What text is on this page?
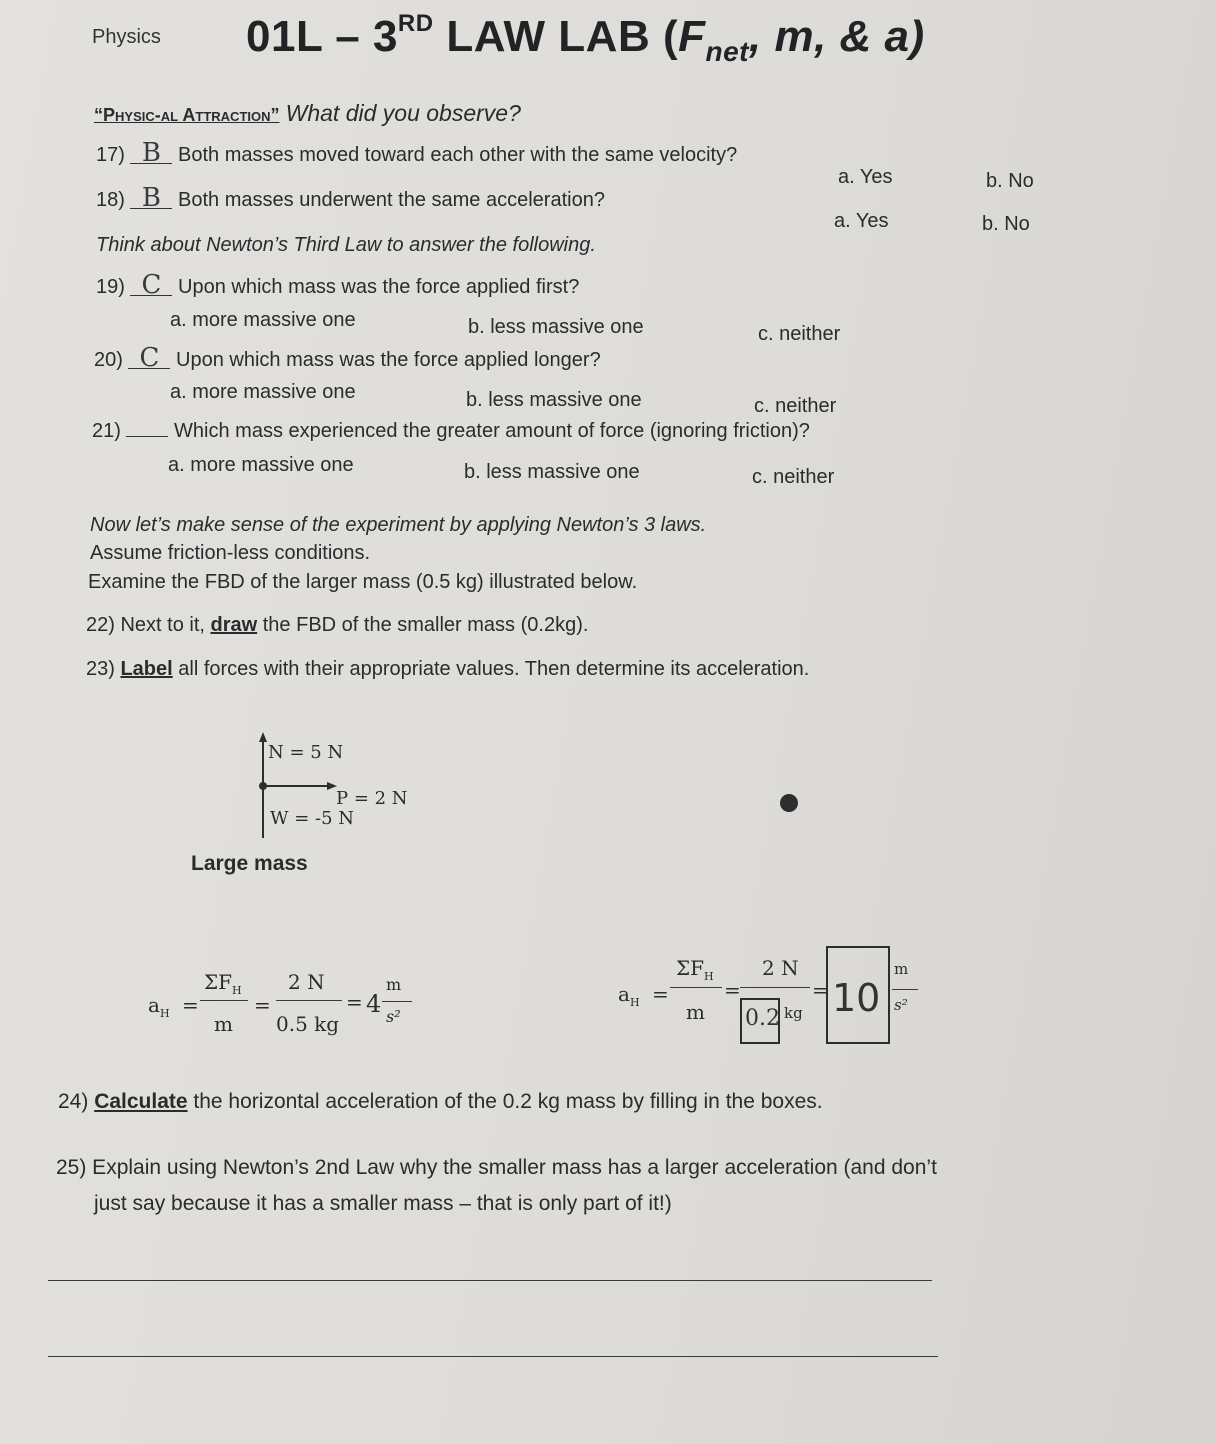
Physics 01L – 3RD LAW LAB ($F_{net}$, m, & a)
“Physic-al Attraction” What did you observe?
17) B Both masses moved toward each other with the same velocity?
a. Yes	b. No
18) B Both masses underwent the same acceleration?
a. Yes	b. No
Think about Newton’s Third Law to answer the following.
19) C Upon which mass was the force applied first?
a. more massive one	b. less massive one	c. neither
20) C Upon which mass was the force applied longer?
a. more massive one	b. less massive one	c. neither
21)	Which mass experienced the greater amount of force (ignoring friction)?
a. more massive one	b. less massive one	c. neither
Now let’s make sense of the experiment by applying Newton’s 3 laws.
Assume friction-less conditions.
Examine the FBD of the larger mass (0.5 kg) illustrated below.
22) Next to it, draw the FBD of the smaller mass (0.2kg).
23) Label all forces with their appropriate values. Then determine its acceleration.
N = 5 N
P = 2 N
W = -5 N
Large mass
$a_H$ =
$\Sigma F_H$
m
=
2 N
0.5 kg
= 4
m
s²
$a_H$ =
$\Sigma F_H$
m
=
2 N
0.2 kg
= 10
m
s²
24) Calculate the horizontal acceleration of the 0.2 kg mass by filling in the boxes.
25) Explain using Newton’s 2nd Law why the smaller mass has a larger acceleration (and don’t
just say because it has a smaller mass – that is only part of it!)
